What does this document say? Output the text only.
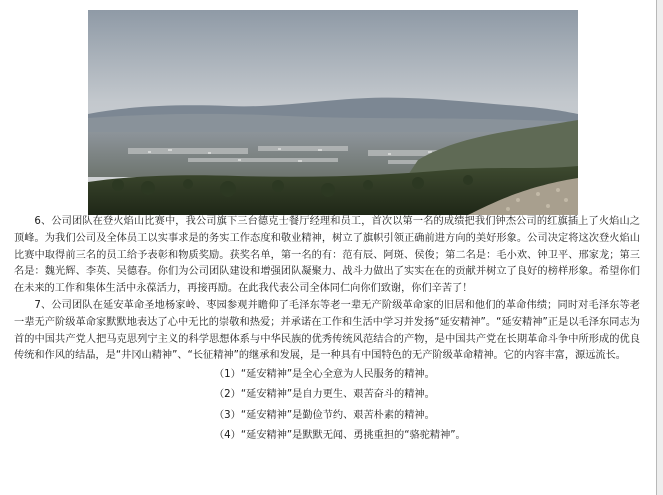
6、公司团队在登火焰山比赛中，我公司旗下三台德克士餐厅经理和员工，首次以第一名的成绩把我们钟杰公司的红旗插上了火焰山之顶峰。为我们公司及全体员工以实事求是的务实工作态度和敬业精神，树立了旗帜引领正确前进方向的美好形象。公司决定将这次登火焰山比赛中取得前三名的员工给予表彰和物质奖励。获奖名单，第一名的有：范有辰、阿斑、侯俊；第二名是：毛小欢、钟卫平、邢家龙；第三名是：魏光辉、李英、吴德春。你们为公司团队建设和增强团队凝聚力、战斗力做出了实实在在的贡献并树立了良好的榜样形象。希望你们在未来的工作和集体生活中永葆活力，再接再励。在此我代表公司全体同仁向你们致谢，你们辛苦了！

7、公司团队在延安革命圣地杨家岭、枣园参观并瞻仰了毛泽东等老一辈无产阶级革命家的旧居和他们的革命伟绩；同时对毛泽东等老一辈无产阶级革命家默默地表达了心中无比的崇敬和热爱；并承诺在工作和生活中学习并发扬“延安精神”。“延安精神”正是以毛泽东同志为首的中国共产党人把马克思列宁主义的科学思想体系与中华民族的优秀传统风范结合的产物，是中国共产党在长期革命斗争中所形成的优良传统和作风的结晶，是“井冈山精神”、“长征精神”的继承和发展，是一种具有中国特色的无产阶级革命精神。它的内容丰富，源远流长。

（1）“延安精神”是全心全意为人民服务的精神。
（2）“延安精神”是自力更生、艰苦奋斗的精神。
（3）“延安精神”是勤俭节约、艰苦朴素的精神。
（4）“延安精神”是默默无闻、勇挑重担的“骆驼精神”。
